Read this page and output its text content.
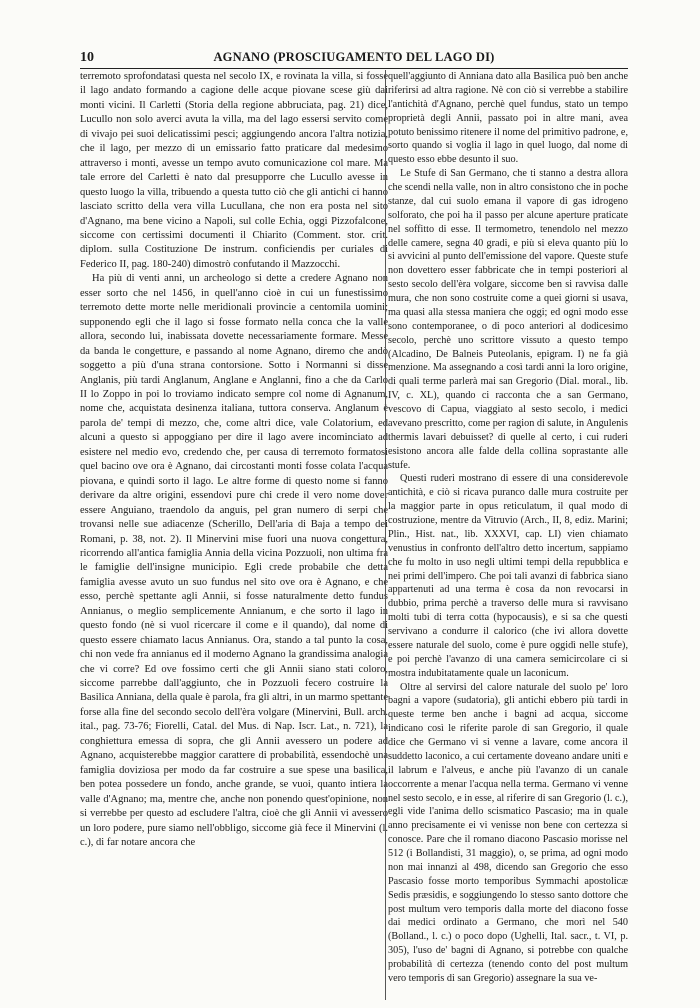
10	AGNANO (PROSCIUGAMENTO DEL LAGO DI)

terremoto sprofondatasi questa nel secolo IX, e rovinata la villa, si fosse il lago andato formando a cagione delle acque piovane scese giù dai monti vicini. Il Carletti (Storia della regione abbruciata, pag. 21) dice, Lucullo non solo averci avuta la villa, ma del lago essersi servito come di vivajo pei suoi delicatissimi pesci; aggiungendo ancora l'altra notizia, che il lago, per mezzo di un emissario fatto praticare dal medesimo attraverso i monti, avesse un tempo avuto comunicazione col mare. Ma tale errore del Carletti è nato dal presupporre che Lucullo avesse in questo luogo la villa, tribuendo a questa tutto ciò che gli antichi ci hanno lasciato scritto della vera villa Lucullana, che non era posta nel sito d'Agnano, ma bene vicino a Napoli, sul colle Echia, oggi Pizzofalcone, siccome con certissimi documenti il Chiarito (Comment. stor. crit. diplom. sulla Costituzione De instrum. conficiendis per curiales di Federico II, pag. 180-240) dimostrò confutando il Mazzocchi.

Ha più di venti anni, un archeologo si dette a credere Agnano non esser sorto che nel 1456, in quell'anno cioè in cui un funestissimo terremoto dette morte nelle meridionali provincie a centomila uomini; supponendo egli che il lago si fosse formato nella conca che la valle allora, secondo lui, inabissata dovette necessariamente formare. Messe da banda le congetture, e passando al nome Agnano, diremo che andò soggetto a più d'una strana contorsione. Sotto i Normanni si disse Anglanis, più tardi Anglanum, Anglane e Anglanni, fino a che da Carlo II lo Zoppo in poi lo troviamo indicato sempre col nome di Agnanum, nome che, acquistata desinenza italiana, tuttora conserva. Anglanum è parola de' tempi di mezzo, che, come altri dice, vale Colatorium, ed alcuni a questo si appoggiano per dire il lago avere incominciato ad esistere nel medio evo, credendo che, per causa di terremoto formatosi quel bacino ove ora è Agnano, dai circostanti monti fosse colata l'acqua piovana, e quindi sorto il lago. Le altre forme di questo nome si fanno derivare da altre origini, essendovi pure chi crede il vero nome dover essere Anguiano, traendolo da anguis, pel gran numero di serpi che trovansi nelle sue adiacenze (Scherillo, Dell'aria di Baja a tempo dei Romani, p. 38, not. 2). Il Minervini mise fuori una nuova congettura, ricorrendo all'antica famiglia Annia della vicina Pozzuoli, non ultima fra le famiglie dell'insigne municipio. Egli crede probabile che detta famiglia avesse avuto un suo fundus nel sito ove ora è Agnano, e che esso, perchè spettante agli Annii, si fosse naturalmente detto fundus Annianus, o meglio semplicemente Annianum, e che sorto il lago in questo fondo (nè si vuol ricercare il come e il quando), dal nome di questo essere chiamato lacus Annianus. Ora, stando a tal punto la cosa, chi non vede fra annianus ed il moderno Agnano la grandissima analogia che vi corre? Ed ove fossimo certi che gli Annii siano stati coloro, siccome parrebbe dall'aggiunto, che in Pozzuoli fecero costruire la Basilica Anniana, della quale è parola, fra gli altri, in un marmo spettante forse alla fine del secondo secolo dell'èra volgare (Minervini, Bull. arch. ital., pag. 73-76; Fiorelli, Catal. del Mus. di Nap. Iscr. Lat., n. 721), la conghiettura emessa di sopra, che gli Annii avessero un podere ad Agnano, acquisterebbe maggior carattere di probabilità, essendochè una famiglia doviziosa per modo da far costruire a sue spese una basilica, ben potea possedere un fondo, anche grande, se vuoi, quanto intiera la valle d'Agnano; ma, mentre che, anche non ponendo quest'opinione, non si verrebbe per questo ad escludere l'altra, cioè che gli Annii vi avessero un loro podere, pure siamo nell'obbligo, siccome già fece il Minervini (l. c.), di far notare ancora che

quell'aggiunto di Anniana dato alla Basilica può ben anche riferirsi ad altra ragione. Nè con ciò si verrebbe a stabilire l'antichità d'Agnano, perchè quel fundus, stato un tempo proprietà degli Annii, passato poi in altre mani, avea potuto benissimo ritenere il nome del primitivo padrone, e, sorto quando si voglia il lago in quel luogo, dal nome di questo esso ebbe desunto il suo.

Le Stufe di San Germano, che ti stanno a destra allora che scendi nella valle, non in altro consistono che in poche stanze, dal cui suolo emana il vapore di gas idrogeno solforato, che poi ha il passo per alcune aperture praticate nel soffitto di esse. Il termometro, tenendolo nel mezzo delle camere, segna 40 gradi, e più si eleva quanto più lo si avvicini al punto dell'emissione del vapore. Queste stufe non dovettero esser fabbricate che in tempi posteriori al sesto secolo dell'èra volgare, siccome ben si ravvisa dalle mura, che non sono costruite come a quei giorni si usava, ma quasi alla stessa maniera che oggi; ed ogni modo esse sono contemporanee, o di poco anteriori al dodicesimo secolo, perchè uno scrittore vissuto a questo tempo (Alcadino, De Balneis Puteolanis, epigram. I) ne fa già menzione. Ma assegnando a così tardi anni la loro origine, di quali terme parlerà mai san Gregorio (Dial. moral., lib. IV, c. XL), quando ci racconta che a san Germano, vescovo di Capua, viaggiato al sesto secolo, i medici avevano prescritto, come per ragion di salute, in Angulenis thermis lavari debuisset? di quelle al certo, i cui ruderi esistono ancora alle falde della collina soprastante alle stufe.

Questi ruderi mostrano di essere di una considerevole antichità, e ciò si ricava puranco dalle mura costruite per la maggior parte in opus reticulatum, il qual modo di costruzione, mentre da Vitruvio (Arch., II, 8, ediz. Marini; Plin., Hist. nat., lib. XXXVI, cap. LI) vien chiamato venustius in confronto dell'altro detto incertum, sappiamo che fu molto in uso negli ultimi tempi della repubblica e nei primi dell'impero. Che poi tali avanzi di fabbrica siano appartenuti ad una terma è cosa da non revocarsi in dubbio, prima perchè a traverso delle mura si ravvisano molti tubi di terra cotta (hypocausis), e si sa che questi servivano a condurre il calorico (che ivi allora dovette essere naturale del suolo, come è pure oggidì nelle stufe), e poi perchè l'avanzo di una camera semicircolare ci si mostra indubitatamente quale un laconicum.

Oltre al servirsi del calore naturale del suolo pe' loro bagni a vapore (sudatoria), gli antichi ebbero più tardi in queste terme ben anche i bagni ad acqua, siccome indicano così le riferite parole di san Gregorio, il quale dice che Germano vi si venne a lavare, come ancora il suddetto laconico, a cui certamente doveano andare uniti e il labrum e l'alveus, e anche più l'avanzo di un canale occorrente a menar l'acqua nella terma. Germano vi venne nel sesto secolo, e in esse, al riferire di san Gregorio (l. c.), egli vide l'anima dello scismatico Pascasio; ma in quale anno precisamente ei vi venisse non bene con certezza si conosce. Pare che il romano diacono Pascasio morisse nel 512 (i Bollandisti, 31 maggio), o, se prima, ad ogni modo non mai innanzi al 498, dicendo san Gregorio che esso Pascasio fosse morto temporibus Symmachi apostolicæ Sedis præsidis, e soggiungendo lo stesso santo dottore che post multum vero temporis dalla morte del diacono fosse dai medici ordinato a Germano, che morì nel 540 (Bolland., l. c.) o poco dopo (Ughelli, Ital. sacr., t. VI, p. 305), l'uso de' bagni di Agnano, si potrebbe con qualche probabilità di certezza (tenendo conto del post multum vero temporis di san Gregorio) assegnare la sua ve-
